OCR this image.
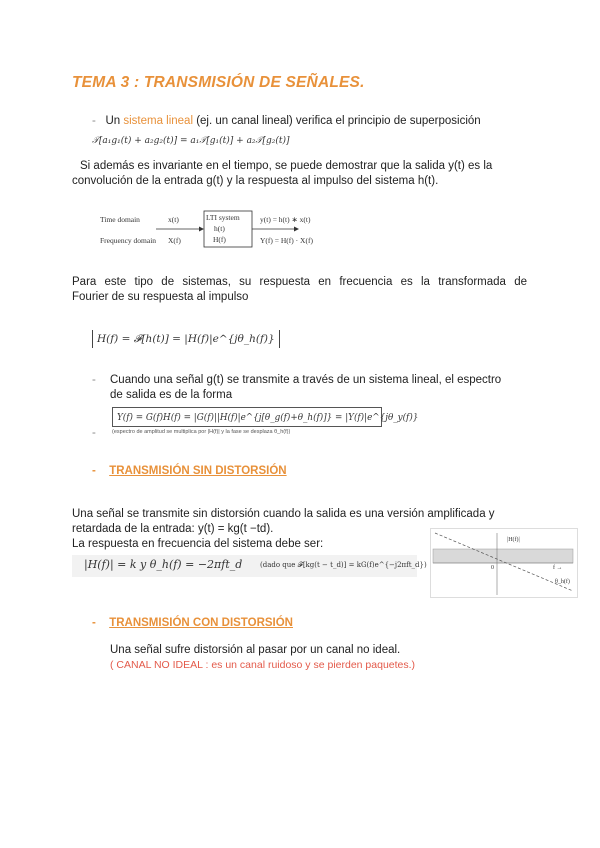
TEMA 3 : TRANSMISIÓN DE SEÑALES.
- Un sistema lineal (ej. un canal lineal) verifica el principio de superposición
𝒯[a₁g₁(t) + a₂g₂(t)] = a₁𝒯[g₁(t)] + a₂𝒯[g₂(t)]
Si además es invariante en el tiempo, se puede demostrar que la salida y(t) es la
convolución de la entrada g(t) y la respuesta al impulso del sistema h(t).
Time domain
Frequency domain
x(t)
X(f)
LTI system
h(t)
H(f)
y(t) = h(t) ∗ x(t)
Y(f) = H(f) · X(f)
Para este tipo de sistemas, su respuesta en frecuencia es la transformada de
Fourier de su respuesta al impulso
H(f) = 𝓕[h(t)] = |H(f)|e^{jθ_h(f)}
-	Cuando una señal g(t) se transmite a través de un sistema lineal, el espectro
de salida es de la forma
Y(f) = G(f)H(f) = |G(f)||H(f)|e^{j[θ_g(f)+θ_h(f)]} = |Y(f)|e^{jθ_y(f)}
(espectro de amplitud se multiplica por |H(f)| y la fase se desplaza θ_h(f))
-
- TRANSMISIÓN SIN DISTORSIÓN
Una señal se transmite sin distorsión cuando la salida es una versión amplificada y
retardada de la entrada: y(t) = kg(t −td).
La respuesta en frecuencia del sistema debe ser:
|H(f)| = k y θ_h(f) = −2πft_d	(dado que 𝓕[kg(t − t_d)] = kG(f)e^{−j2πft_d})
|H(f)|
0	f →
θ_h(f)
- TRANSMISIÓN CON DISTORSIÓN
Una señal sufre distorsión al pasar por un canal no ideal.
( CANAL NO IDEAL : es un canal ruidoso y se pierden paquetes.)
